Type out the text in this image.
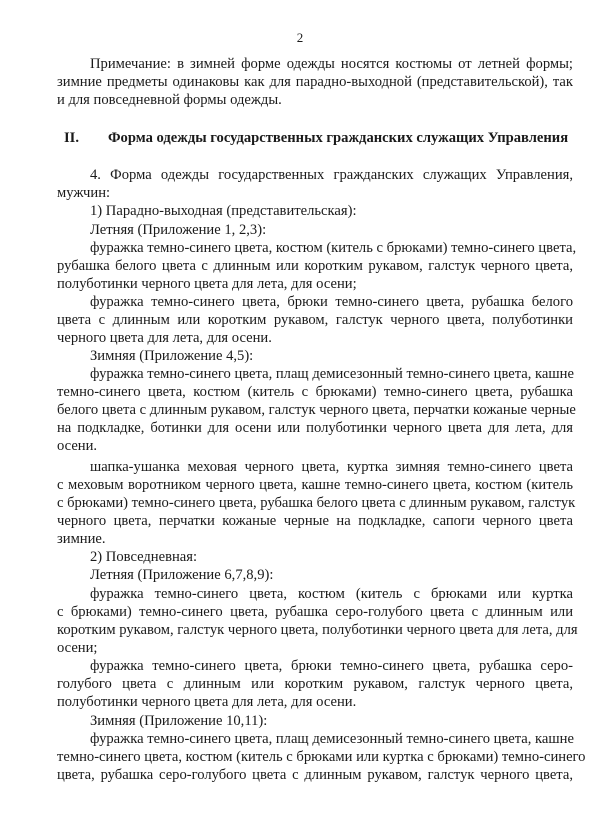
2
Примечание: в зимней форме одежды носятся костюмы от летней формы;
зимние предметы одинаковы как для парадно-выходной (представительской), так
и для повседневной формы одежды.
II. Форма одежды государственных гражданских служащих Управления
4. Форма одежды государственных гражданских служащих Управления,
мужчин:
1) Парадно-выходная (представительская):
Летняя (Приложение 1, 2,3):
фуражка темно-синего цвета, костюм (китель с брюками) темно-синего цвета,
рубашка белого цвета с длинным или коротким рукавом, галстук черного цвета,
полуботинки черного цвета для лета, для осени;
фуражка темно-синего цвета, брюки темно-синего цвета, рубашка белого
цвета с длинным или коротким рукавом, галстук черного цвета, полуботинки
черного цвета для лета, для осени.
Зимняя (Приложение 4,5):
фуражка темно-синего цвета, плащ демисезонный темно-синего цвета, кашне
темно-синего цвета, костюм (китель с брюками) темно-синего цвета, рубашка
белого цвета с длинным рукавом, галстук черного цвета, перчатки кожаные черные
на подкладке, ботинки для осени или полуботинки черного цвета для лета, для
осени.
шапка-ушанка меховая черного цвета, куртка зимняя темно-синего цвета
с меховым воротником черного цвета, кашне темно-синего цвета, костюм (китель
с брюками) темно-синего цвета, рубашка белого цвета с длинным рукавом, галстук
черного цвета, перчатки кожаные черные на подкладке, сапоги черного цвета
зимние.
2) Повседневная:
Летняя (Приложение 6,7,8,9):
фуражка темно-синего цвета, костюм (китель с брюками или куртка
с брюками) темно-синего цвета, рубашка серо-голубого цвета с длинным или
коротким рукавом, галстук черного цвета, полуботинки черного цвета для лета, для
осени;
фуражка темно-синего цвета, брюки темно-синего цвета, рубашка серо-
голубого цвета с длинным или коротким рукавом, галстук черного цвета,
полуботинки черного цвета для лета, для осени.
Зимняя (Приложение 10,11):
фуражка темно-синего цвета, плащ демисезонный темно-синего цвета, кашне
темно-синего цвета, костюм (китель с брюками или куртка с брюками) темно-синего
цвета, рубашка серо-голубого цвета с длинным рукавом, галстук черного цвета,
